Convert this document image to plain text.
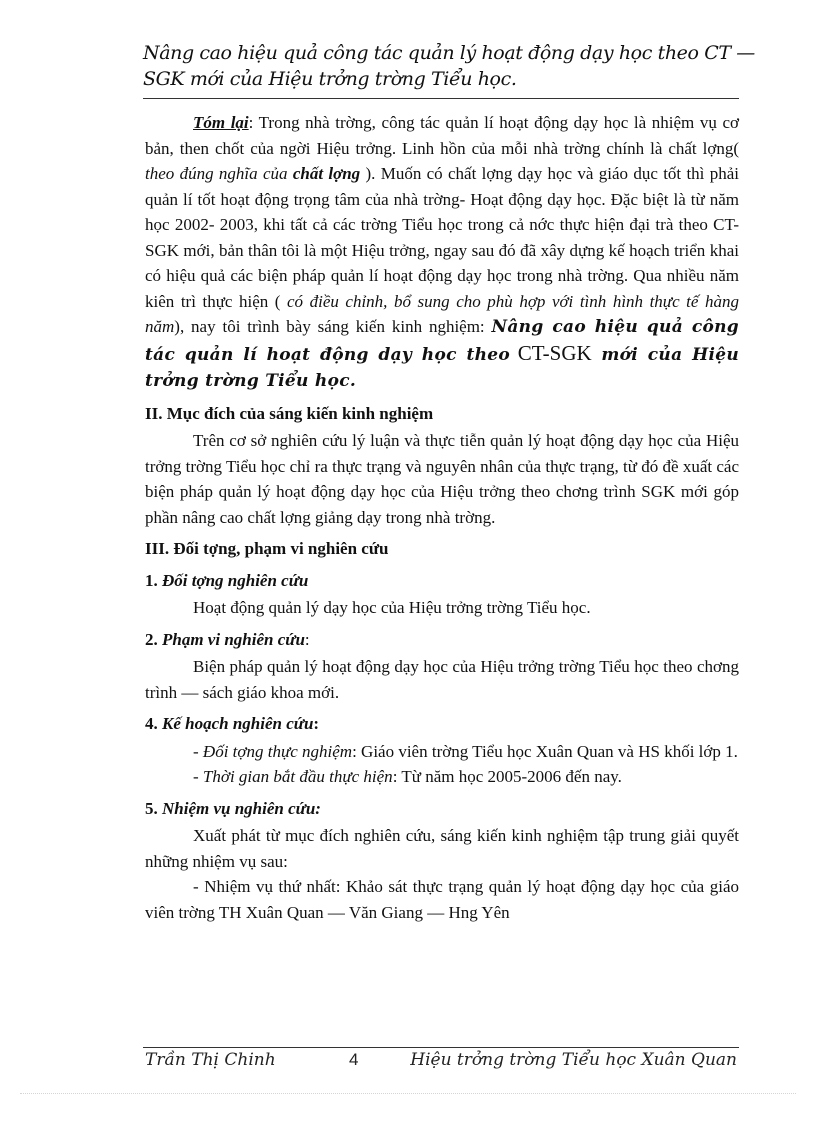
Nâng cao hiệu quả công tác quản lý hoạt động dạy học theo CT —
SGK mới của Hiệu trởng trờng Tiểu học.

Tóm lại: Trong nhà trờng, công tác quản lí hoạt động dạy học là nhiệm vụ cơ bản, then chốt của ngời Hiệu trởng. Linh hồn của mỗi nhà trờng chính là chất lợng( theo đúng nghĩa của chất lợng ). Muốn có chất lợng dạy học và giáo dục tốt thì phải quản lí tốt hoạt động trọng tâm của nhà trờng- Hoạt động dạy học. Đặc biệt là từ năm học 2002- 2003, khi tất cả các trờng Tiểu học trong cả nớc thực hiện đại trà theo CT-SGK mới, bản thân tôi là một Hiệu trởng, ngay sau đó đã xây dựng kế hoạch triển khai có hiệu quả các biện pháp quản lí hoạt động dạy học trong nhà trờng. Qua nhiều năm kiên trì thực hiện ( có điều chỉnh, bổ sung cho phù hợp với tình hình thực tế hàng năm), nay tôi trình bày sáng kiến kinh nghiệm: Nâng cao hiệu quả công tác quản lí hoạt động dạy học theo CT-SGK mới của Hiệu trởng trờng Tiểu học.

II. Mục đích của sáng kiến kinh nghiệm

Trên cơ sở nghiên cứu lý luận và thực tiễn quản lý hoạt động dạy học của Hiệu trởng trờng Tiểu học chỉ ra thực trạng và nguyên nhân của thực trạng, từ đó đề xuất các biện pháp quản lý hoạt động dạy học của Hiệu trởng theo chơng trình SGK mới góp phần nâng cao chất lợng giảng dạy trong nhà trờng.

III. Đối tợng, phạm vi nghiên cứu
1. Đối tợng nghiên cứu

Hoạt động quản lý dạy học của Hiệu trởng trờng Tiểu học.

2. Phạm vi nghiên cứu:

Biện pháp quản lý hoạt động dạy học của Hiệu trởng trờng Tiểu học theo chơng trình — sách giáo khoa mới.

4. Kế hoạch nghiên cứu:

- Đối tợng thực nghiệm: Giáo viên trờng Tiểu học Xuân Quan và HS khối lớp 1.

- Thời gian bắt đầu thực hiện: Từ năm học 2005-2006 đến nay.

5. Nhiệm vụ nghiên cứu:

Xuất phát từ mục đích nghiên cứu, sáng kiến kinh nghiệm tập trung giải quyết những nhiệm vụ sau:

- Nhiệm vụ thứ nhất: Khảo sát thực trạng quản lý hoạt động dạy học của giáo viên trờng TH Xuân Quan — Văn Giang — Hng Yên

Trần Thị Chinh	4	Hiệu trởng trờng Tiểu học Xuân Quan
